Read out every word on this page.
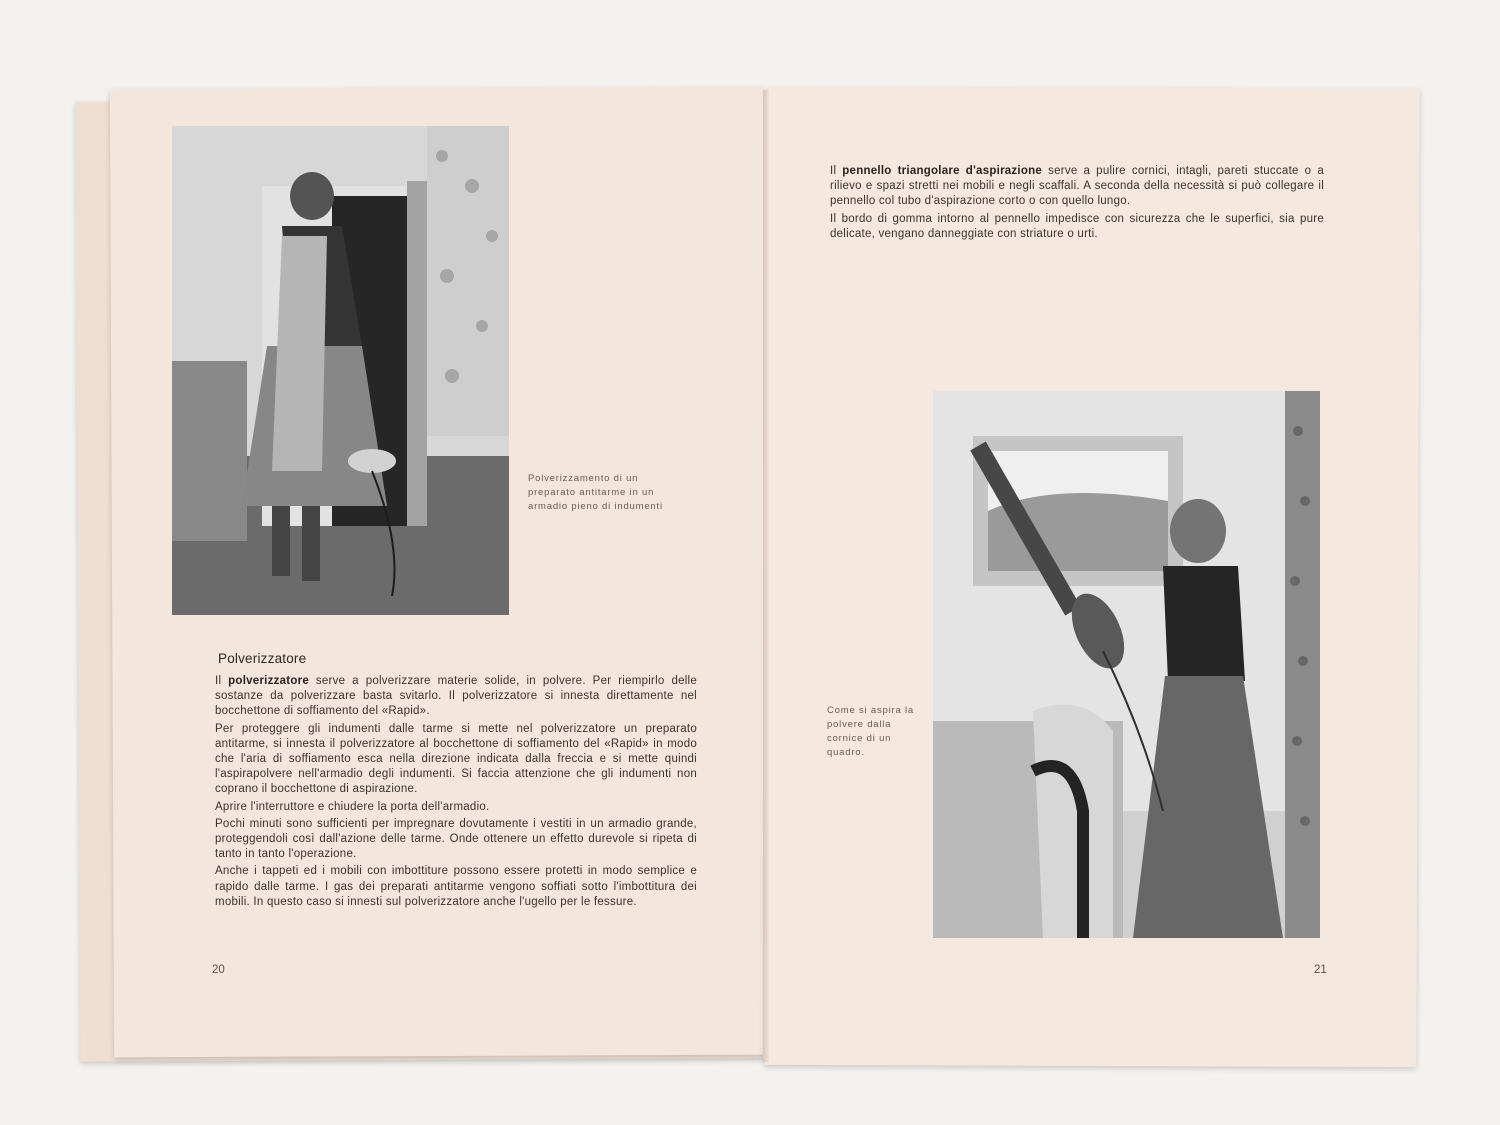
Polverizzamento di un preparato antitarme in un armadio pieno di indumenti
Polverizzatore

Il polverizzatore serve a polverizzare materie solide, in polvere. Per riempirlo delle sostanze da polverizzare basta svitarlo. Il polverizzatore si innesta direttamente nel bocchettone di soffiamento del «Rapid».

Per proteggere gli indumenti dalle tarme si mette nel polverizzatore un preparato antitarme, si innesta il polverizzatore al bocchettone di soffiamento del «Rapid» in modo che l'aria di soffiamento esca nella direzione indicata dalla freccia e si mette quindi l'aspirapolvere nell'armadio degli indumenti. Si faccia attenzione che gli indumenti non coprano il bocchettone di aspirazione.

Aprire l'interruttore e chiudere la porta dell'armadio.

Pochi minuti sono sufficienti per impregnare dovutamente i vestiti in un armadio grande, proteggendoli così dall'azione delle tarme. Onde ottenere un effetto durevole si ripeta di tanto in tanto l'operazione.

Anche i tappeti ed i mobili con imbottiture possono essere protetti in modo semplice e rapido dalle tarme. I gas dei preparati antitarme vengono soffiati sotto l'imbottitura dei mobili. In questo caso si innesti sul polverizzatore anche l'ugello per le fessure.

20

Il pennello triangolare d'aspirazione serve a pulire cornici, intagli, pareti stuccate o a rilievo e spazi stretti nei mobili e negli scaffali. A seconda della necessità si può collegare il pennello col tubo d'aspirazione corto o con quello lungo.

Il bordo di gomma intorno al pennello impedisce con sicurezza che le superfici, sia pure delicate, vengano danneggiate con striature o urti.

Come si aspira la polvere dalla cornice di un quadro.
21
